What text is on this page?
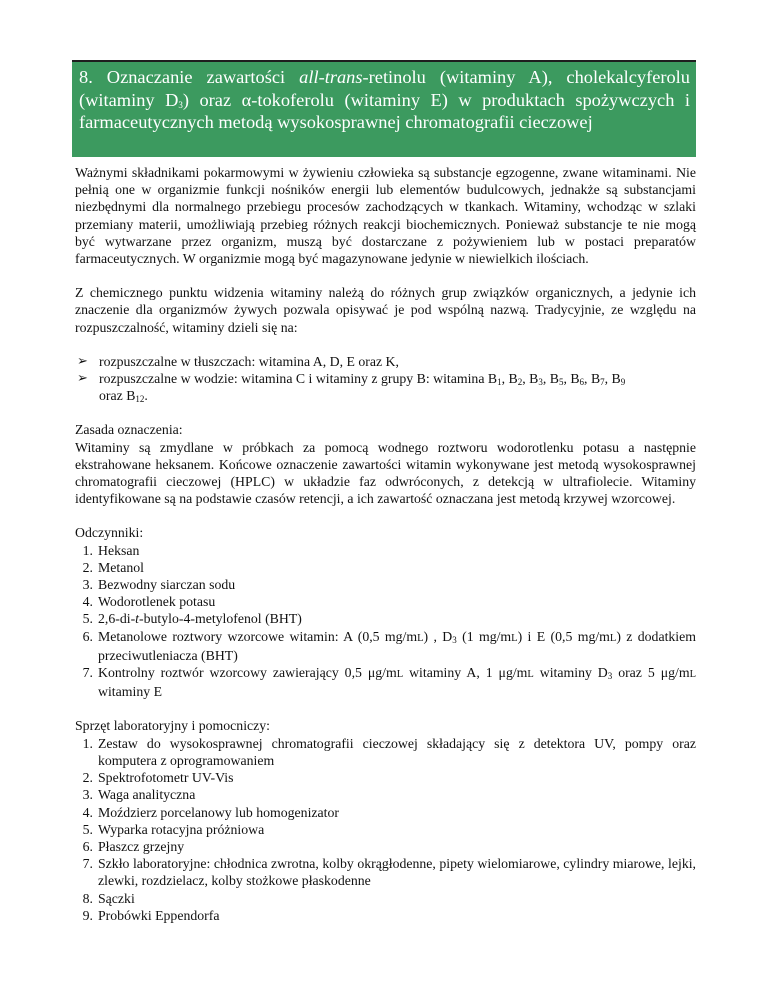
8. Oznaczanie zawartości all-trans-retinolu (witaminy A), cholekalcyferolu
(witaminy $D_3$) oraz α-tokoferolu (witaminy E) w produktach spożywczych i
farmaceutycznych metodą wysokosprawnej chromatografii cieczowej

Ważnymi składnikami pokarmowymi w żywieniu człowieka są substancje egzogenne, zwane witaminami. Nie pełnią one w organizmie funkcji nośników energii lub elementów budulcowych, jednakże są substancjami niezbędnymi dla normalnego przebiegu procesów zachodzących w tkankach. Witaminy, wchodząc w szlaki przemiany materii, umożliwiają przebieg różnych reakcji biochemicznych. Ponieważ substancje te nie mogą być wytwarzane przez organizm, muszą być dostarczane z pożywieniem lub w postaci preparatów farmaceutycznych. W organizmie mogą być magazynowane jedynie w niewielkich ilościach.

Z chemicznego punktu widzenia witaminy należą do różnych grup związków organicznych, a jedynie ich znaczenie dla organizmów żywych pozwala opisywać je pod wspólną nazwą. Tradycyjnie, ze względu na rozpuszczalność, witaminy dzieli się na:

➢ rozpuszczalne w tłuszczach: witamina A, D, E oraz K,
➢ rozpuszczalne w wodzie: witamina C i witaminy z grupy B: witamina $B_1$, $B_2$, $B_3$, $B_5$, $B_6$, $B_7$, $B_9$
oraz $B_{12}$.

Zasada oznaczenia:

Witaminy są zmydlane w próbkach za pomocą wodnego roztworu wodorotlenku potasu a następnie ekstrahowane heksanem. Końcowe oznaczenie zawartości witamin wykonywane jest metodą wysokosprawnej chromatografii cieczowej (HPLC) w układzie faz odwróconych, z detekcją w ultrafiolecie. Witaminy identyfikowane są na podstawie czasów retencji, a ich zawartość oznaczana jest metodą krzywej wzorcowej.

Odczynniki:

1. Heksan
2. Metanol
3. Bezwodny siarczan sodu
4. Wodorotlenek potasu
5. 2,6-di-t-butylo-4-metylofenol (BHT)
6. Metanolowe roztwory wzorcowe witamin: A (0,5 mg/mL) , $D_3$ (1 mg/mL) i E (0,5 mg/mL) z dodatkiem przeciwutleniacza (BHT)
7. Kontrolny roztwór wzorcowy zawierający 0,5 μg/mL witaminy A, 1 μg/mL witaminy $D_3$ oraz 5 μg/mL witaminy E

Sprzęt laboratoryjny i pomocniczy:

1. Zestaw do wysokosprawnej chromatografii cieczowej składający się z detektora UV, pompy oraz komputera z oprogramowaniem
2. Spektrofotometr UV-Vis
3. Waga analityczna
4. Moździerz porcelanowy lub homogenizator
5. Wyparka rotacyjna próżniowa
6. Płaszcz grzejny
7. Szkło laboratoryjne: chłodnica zwrotna, kolby okrągłodenne, pipety wielomiarowe, cylindry miarowe, lejki, zlewki, rozdzielacz, kolby stożkowe płaskodenne
8. Sączki
9. Probówki Eppendorfa
